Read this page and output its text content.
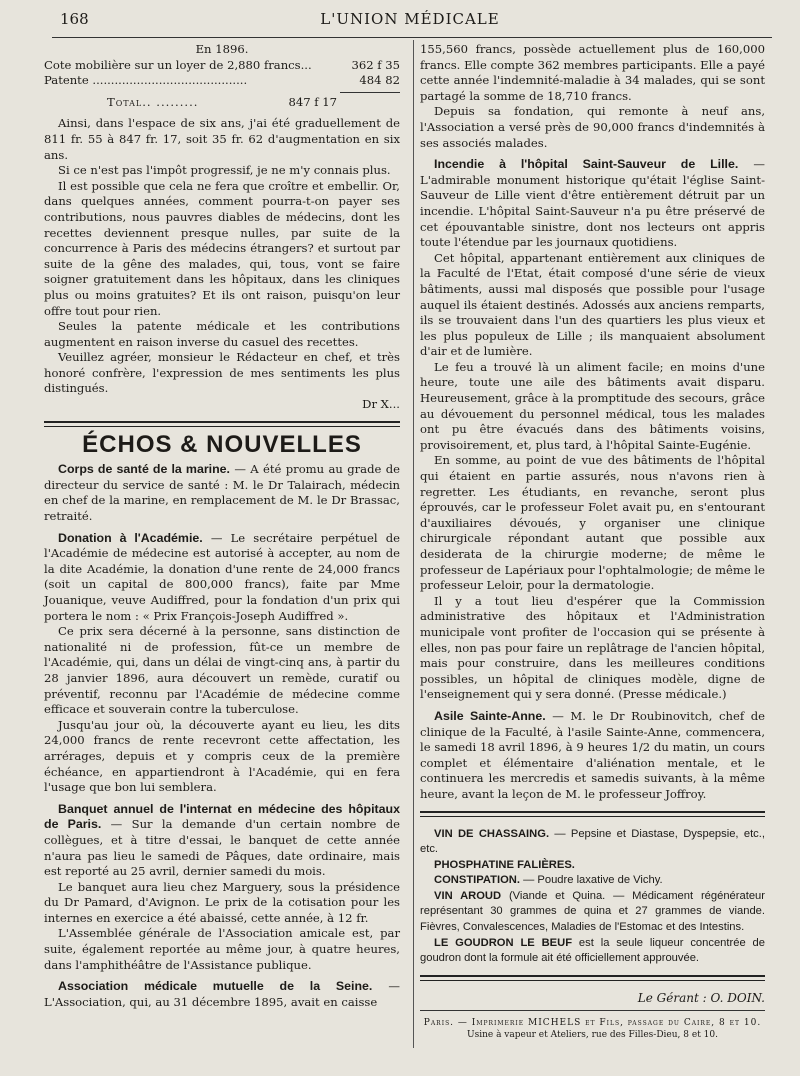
168	L'UNION MÉDICALE

En 1896.

Cote mobilière sur un loyer de 2,880 francs...	362 f 35
Patente ..........................................	484 82
Total.. .........	847 f 17

Ainsi, dans l'espace de six ans, j'ai été graduellement de 811 fr. 55 à 847 fr. 17, soit 35 fr. 62 d'augmentation en six ans.

Si ce n'est pas l'impôt progressif, je ne m'y connais plus.

Il est possible que cela ne fera que croître et embellir. Or, dans quelques années, comment pourra-t-on payer ses contributions, nous pauvres diables de médecins, dont les recettes deviennent presque nulles, par suite de la concurrence à Paris des médecins étrangers? et surtout par suite de la gêne des malades, qui, tous, vont se faire soigner gratuitement dans les hôpitaux, dans les cliniques plus ou moins gratuites? Et ils ont raison, puisqu'on leur offre tout pour rien.

Seules la patente médicale et les contributions augmentent en raison inverse du casuel des recettes.

Veuillez agréer, monsieur le Rédacteur en chef, et très honoré confrère, l'expression de mes sentiments les plus distingués.

Dr X...

ÉCHOS & NOUVELLES

Corps de santé de la marine. — A été promu au grade de directeur du service de santé : M. le Dr Talairach, médecin en chef de la marine, en remplacement de M. le Dr Brassac, retraité.

Donation à l'Académie. — Le secrétaire perpétuel de l'Académie de médecine est autorisé à accepter, au nom de la dite Académie, la donation d'une rente de 24,000 francs (soit un capital de 800,000 francs), faite par Mme Jouanique, veuve Audiffred, pour la fondation d'un prix qui portera le nom : « Prix François-Joseph Audiffred ».

Ce prix sera décerné à la personne, sans distinction de nationalité ni de profession, fût-ce un membre de l'Académie, qui, dans un délai de vingt-cinq ans, à partir du 28 janvier 1896, aura découvert un remède, curatif ou préventif, reconnu par l'Académie de médecine comme efficace et souverain contre la tuberculose.

Jusqu'au jour où, la découverte ayant eu lieu, les dits 24,000 francs de rente recevront cette affectation, les arrérages, depuis et y compris ceux de la première échéance, en appartiendront à l'Académie, qui en fera l'usage que bon lui semblera.

Banquet annuel de l'internat en médecine des hôpitaux de Paris. — Sur la demande d'un certain nombre de collègues, et à titre d'essai, le banquet de cette année n'aura pas lieu le samedi de Pâques, date ordinaire, mais est reporté au 25 avril, dernier samedi du mois.

Le banquet aura lieu chez Marguery, sous la présidence du Dr Pamard, d'Avignon. Le prix de la cotisation pour les internes en exercice a été abaissé, cette année, à 12 fr.

L'Assemblée générale de l'Association amicale est, par suite, également reportée au même jour, à quatre heures, dans l'amphithéâtre de l'Assistance publique.

Association médicale mutuelle de la Seine. — L'Association, qui, au 31 décembre 1895, avait en caisse

155,560 francs, possède actuellement plus de 160,000 francs. Elle compte 362 membres participants. Elle a payé cette année l'indemnité-maladie à 34 malades, qui se sont partagé la somme de 18,710 francs.

Depuis sa fondation, qui remonte à neuf ans, l'Association a versé près de 90,000 francs d'indemnités à ses associés malades.

Incendie à l'hôpital Saint-Sauveur de Lille. — L'admirable monument historique qu'était l'église Saint-Sauveur de Lille vient d'être entièrement détruit par un incendie. L'hôpital Saint-Sauveur n'a pu être préservé de cet épouvantable sinistre, dont nos lecteurs ont appris toute l'étendue par les journaux quotidiens.

Cet hôpital, appartenant entièrement aux cliniques de la Faculté de l'Etat, était composé d'une série de vieux bâtiments, aussi mal disposés que possible pour l'usage auquel ils étaient destinés. Adossés aux anciens remparts, ils se trouvaient dans l'un des quartiers les plus vieux et les plus populeux de Lille ; ils manquaient absolument d'air et de lumière.

Le feu a trouvé là un aliment facile; en moins d'une heure, toute une aile des bâtiments avait disparu. Heureusement, grâce à la promptitude des secours, grâce au dévouement du personnel médical, tous les malades ont pu être évacués dans des bâtiments voisins, provisoirement, et, plus tard, à l'hôpital Sainte-Eugénie.

En somme, au point de vue des bâtiments de l'hôpital qui étaient en partie assurés, nous n'avons rien à regretter. Les étudiants, en revanche, seront plus éprouvés, car le professeur Folet avait pu, en s'entourant d'auxiliaires dévoués, y organiser une clinique chirurgicale répondant autant que possible aux desiderata de la chirurgie moderne; de même le professeur de Lapériaux pour l'ophtalmologie; de même le professeur Leloir, pour la dermatologie.

Il y a tout lieu d'espérer que la Commission administrative des hôpitaux et l'Administration municipale vont profiter de l'occasion qui se présente à elles, non pas pour faire un replâtrage de l'ancien hôpital, mais pour construire, dans les meilleures conditions possibles, un hôpital de cliniques modèle, digne de l'enseignement qui y sera donné. (Presse médicale.)

Asile Sainte-Anne. — M. le Dr Roubinovitch, chef de clinique de la Faculté, à l'asile Sainte-Anne, commencera, le samedi 18 avril 1896, à 9 heures 1/2 du matin, un cours complet et élémentaire d'aliénation mentale, et le continuera les mercredis et samedis suivants, à la même heure, avant la leçon de M. le professeur Joffroy.

VIN DE CHASSAING. — Pepsine et Diastase, Dyspepsie, etc., etc.

PHOSPHATINE FALIÈRES.

CONSTIPATION. — Poudre laxative de Vichy.

VIN AROUD (Viande et Quina. — Médicament régénérateur représentant 30 grammes de quina et 27 grammes de viande. Fièvres, Convalescences, Maladies de l'Estomac et des Intestins.

LE GOUDRON LE BEUF est la seule liqueur concentrée de goudron dont la formule ait été officiellement approuvée.

Le Gérant : O. DOIN.

Paris. — Imprimerie MICHELS et Fils, passage du Caire, 8 et 10.
Usine à vapeur et Ateliers, rue des Filles-Dieu, 8 et 10.
